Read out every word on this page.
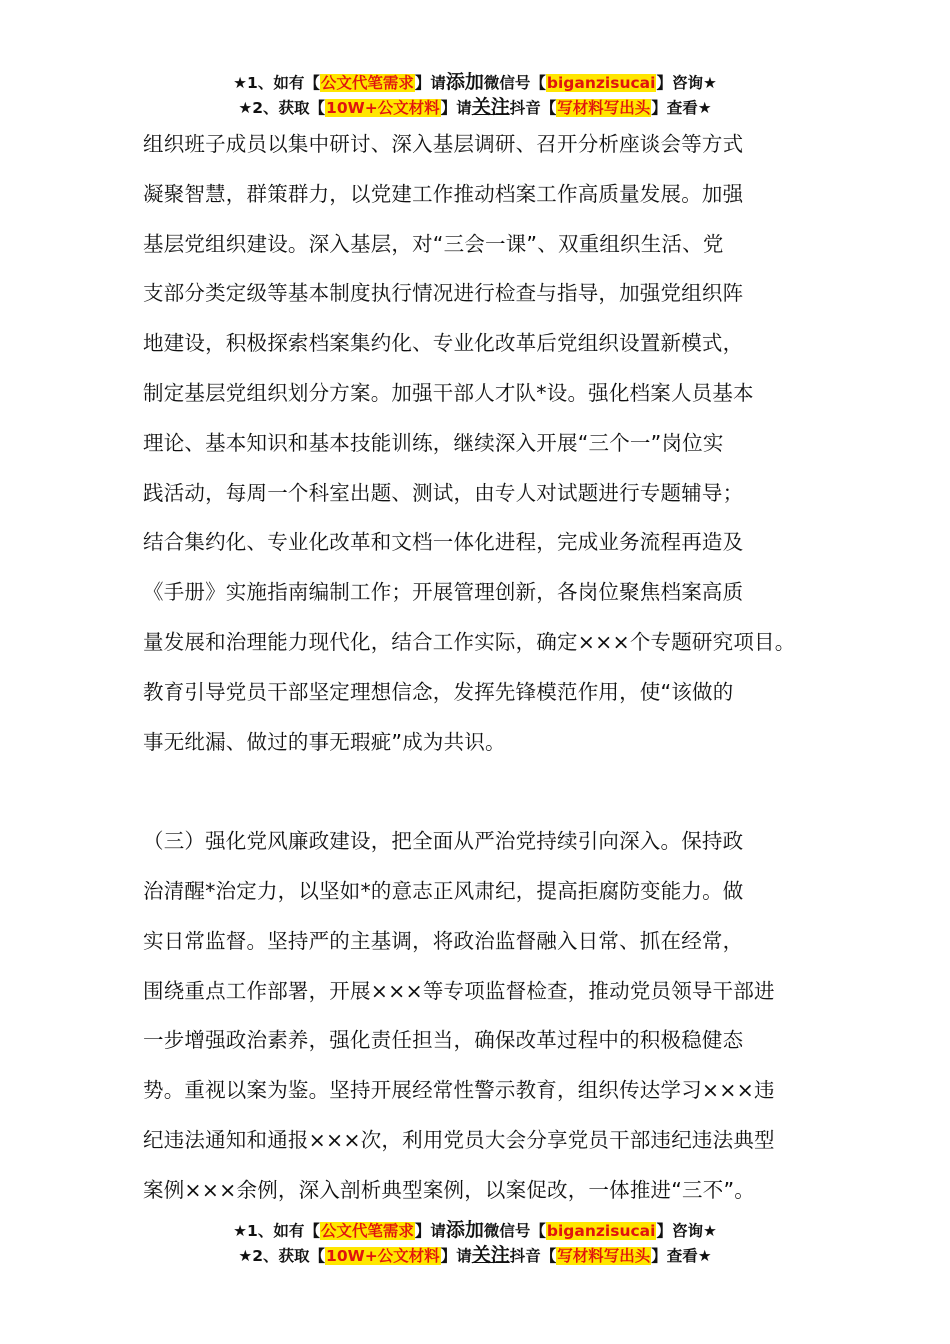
★1、如有【公文代笔需求】请添加微信号【biganzisucai】咨询★
★2、获取【10W+公文材料】请关注抖音【写材料写出头】查看★
组织班子成员以集中研讨、深入基层调研、召开分析座谈会等方式
凝聚智慧，群策群力，以党建工作推动档案工作高质量发展。加强
基层党组织建设。深入基层，对“三会一课”、双重组织生活、党
支部分类定级等基本制度执行情况进行检查与指导，加强党组织阵
地建设，积极探索档案集约化、专业化改革后党组织设置新模式，
制定基层党组织划分方案。加强干部人才队*设。强化档案人员基本
理论、基本知识和基本技能训练，继续深入开展“三个一”岗位实
践活动，每周一个科室出题、测试，由专人对试题进行专题辅导；
结合集约化、专业化改革和文档一体化进程，完成业务流程再造及
《手册》实施指南编制工作；开展管理创新，各岗位聚焦档案高质
量发展和治理能力现代化，结合工作实际，确定×××个专题研究项目。
教育引导党员干部坚定理想信念，发挥先锋模范作用，使“该做的
事无纰漏、做过的事无瑕疵”成为共识。
（三）强化党风廉政建设，把全面从严治党持续引向深入。保持政
治清醒*治定力，以坚如*的意志正风肃纪，提高拒腐防变能力。做
实日常监督。坚持严的主基调，将政治监督融入日常、抓在经常，
围绕重点工作部署，开展×××等专项监督检查，推动党员领导干部进
一步增强政治素养，强化责任担当，确保改革过程中的积极稳健态
势。重视以案为鉴。坚持开展经常性警示教育，组织传达学习×××违
纪违法通知和通报×××次，利用党员大会分享党员干部违纪违法典型
案例×××余例，深入剖析典型案例，以案促改，一体推进“三不”。
★1、如有【公文代笔需求】请添加微信号【biganzisucai】咨询★
★2、获取【10W+公文材料】请关注抖音【写材料写出头】查看★
